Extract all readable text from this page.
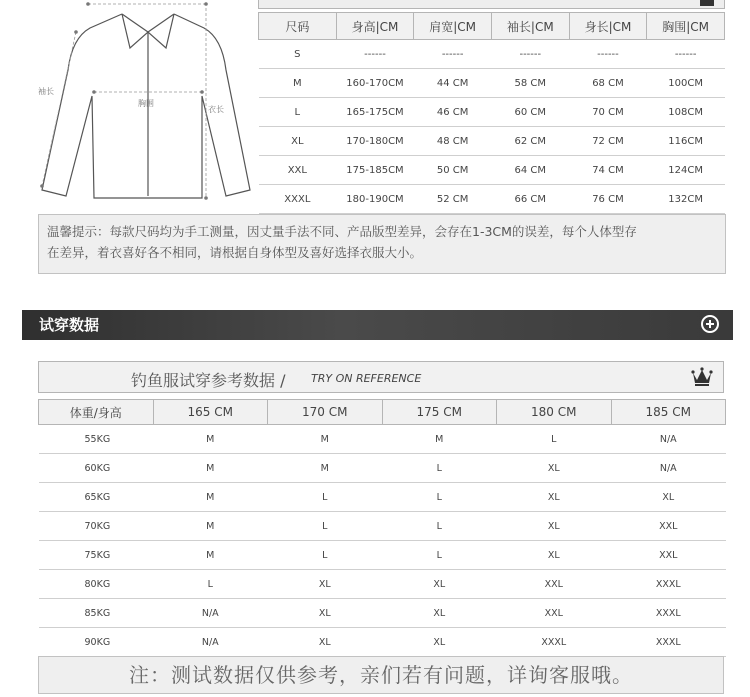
袖长
胸围
衣长
尺码	身高|CM	肩宽|CM	袖长|CM	身长|CM	胸围|CM
S	------	------	------	------	------
M	160-170CM	44 CM	58 CM	68 CM	100CM
L	165-175CM	46 CM	60 CM	70 CM	108CM
XL	170-180CM	48 CM	62 CM	72 CM	116CM
XXL	175-185CM	50 CM	64 CM	74 CM	124CM
XXXL	180-190CM	52 CM	66 CM	76 CM	132CM
温馨提示：每款尺码均为手工测量，因丈量手法不同、产品版型差异，会存在1-3CM的误差，每个人体型存
在差异，着衣喜好各不相同，请根据自身体型及喜好选择衣服大小。
试穿数据
钓鱼服试穿参考数据 / TRY ON REFERENCE
体重/身高	165 CM	170 CM	175 CM	180 CM	185 CM
55KG	M	M	M	L	N/A
60KG	M	M	L	XL	N/A
65KG	M	L	L	XL	XL
70KG	M	L	L	XL	XXL
75KG	M	L	L	XL	XXL
80KG	L	XL	XL	XXL	XXXL
85KG	N/A	XL	XL	XXL	XXXL
90KG	N/A	XL	XL	XXXL	XXXL
注：测试数据仅供参考，亲们若有问题，详询客服哦。
